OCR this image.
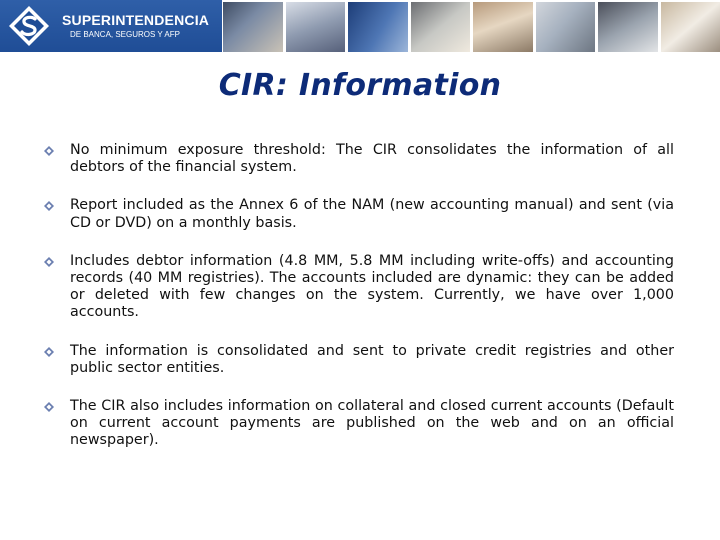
SUPERINTENDENCIA
DE BANCA, SEGUROS Y AFP
CIR: Information
No minimum exposure threshold: The CIR consolidates the information of all debtors of the financial system.
Report included as the Annex 6 of the NAM (new accounting manual) and sent (via CD or DVD) on a monthly basis.
Includes debtor information (4.8 MM, 5.8 MM including write-offs) and accounting records (40 MM registries). The accounts included are dynamic: they can be added or deleted with few changes on the system. Currently, we have over 1,000 accounts.
The information is consolidated and sent to private credit registries and other public sector entities.
The CIR also includes information on collateral and closed current accounts (Default on current account payments are published on the web and on an official newspaper).
